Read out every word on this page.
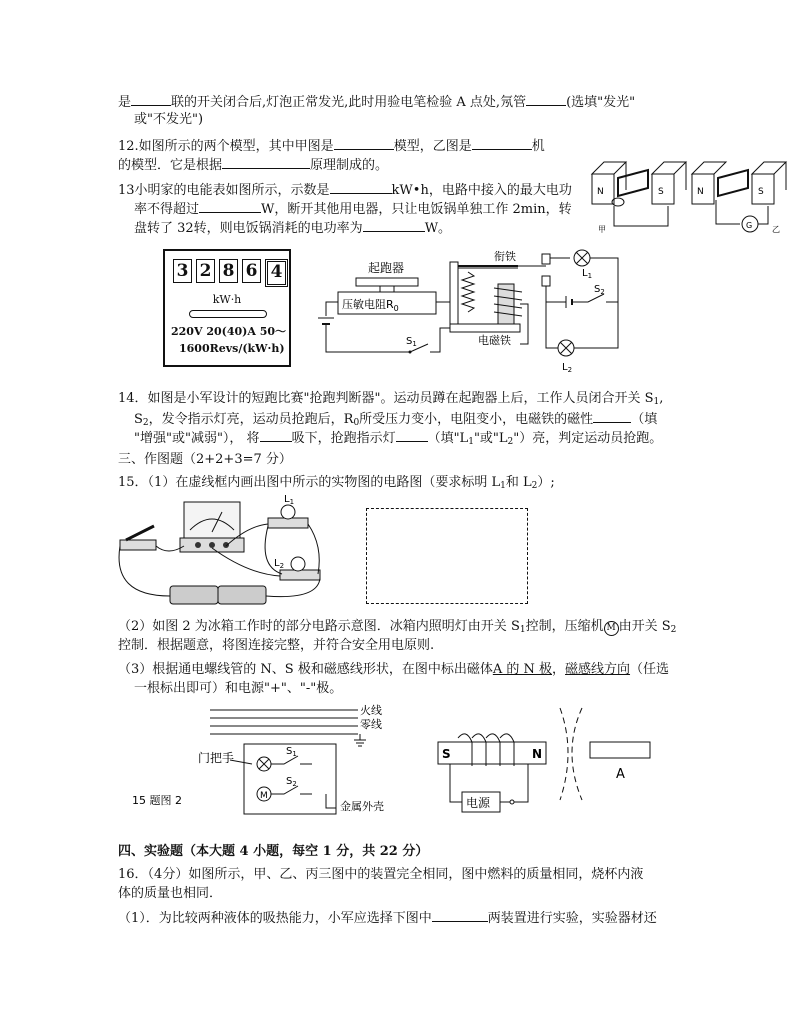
是	联的开关闭合后,灯泡正常发光,此时用验电笔检验 A 点处,氖管	(选填"发光"
或"不发光")
12.如图所示的两个模型，其中甲图是	模型，乙图是	机
的模型．它是根据	原理制成的。
N	S
甲
N	S
G 乙
13小明家的电能表如图所示，示数是	kW•h，电路中接入的最大电功
率不得超过	W，断开其他用电器，只让电饭锅单独工作 2min，转
盘转了 32转，则电饭锅消耗的电功率为	W。
3 2 8 6 4
kW·h
220V 20(40)A 50～
1600Revs/(kW·h)
起跑器
压敏电阻$R_0$
$S_1$
衔铁
电磁铁
$L_1$
$L_2$
$S_2$
14．如图是小军设计的短跑比赛"抢跑判断器"。运动员蹲在起跑器上后，工作人员闭合开关 $S_1$,
$S_2$，发令指示灯亮，运动员抢跑后，$R_0$所受压力变小，电阻变小，电磁铁的磁性	（填
"增强"或"减弱"）， 将 吸下，抢跑指示灯 （填"$L_1$"或"$L_2$"）亮，判定运动员抢跑。
三、作图题（2+2+3=7 分）
15．（1）在虚线框内画出图中所示的实物图的电路图（要求标明 $L_1$和 $L_2$）;
$L_1$
$L_2$
（2）如图 2 为冰箱工作时的部分电路示意图．冰箱内照明灯由开关 $S_1$控制，压缩机 M 由开关 $S_2$
控制．根据题意，将图连接完整，并符合安全用电原则.
（3）根据通电螺线管的 N、S 极和磁感线形状，在图中标出磁体A 的 N 极，磁感线方向（任选
一根标出即可）和电源"+"、"-"极。
火线
零线
门把手	$S_1$
M
$S_2$
15 题图 2	金属外壳
S	N
电源
A
四、实验题（本大题 4 小题，每空 1 分，共 22 分）
16．（4分）如图所示，甲、乙、丙三图中的装置完全相同，图中燃料的质量相同，烧杯内液
体的质量也相同．
（1）．为比较两种液体的吸热能力，小军应选择下图中	两装置进行实验，实验器材还
